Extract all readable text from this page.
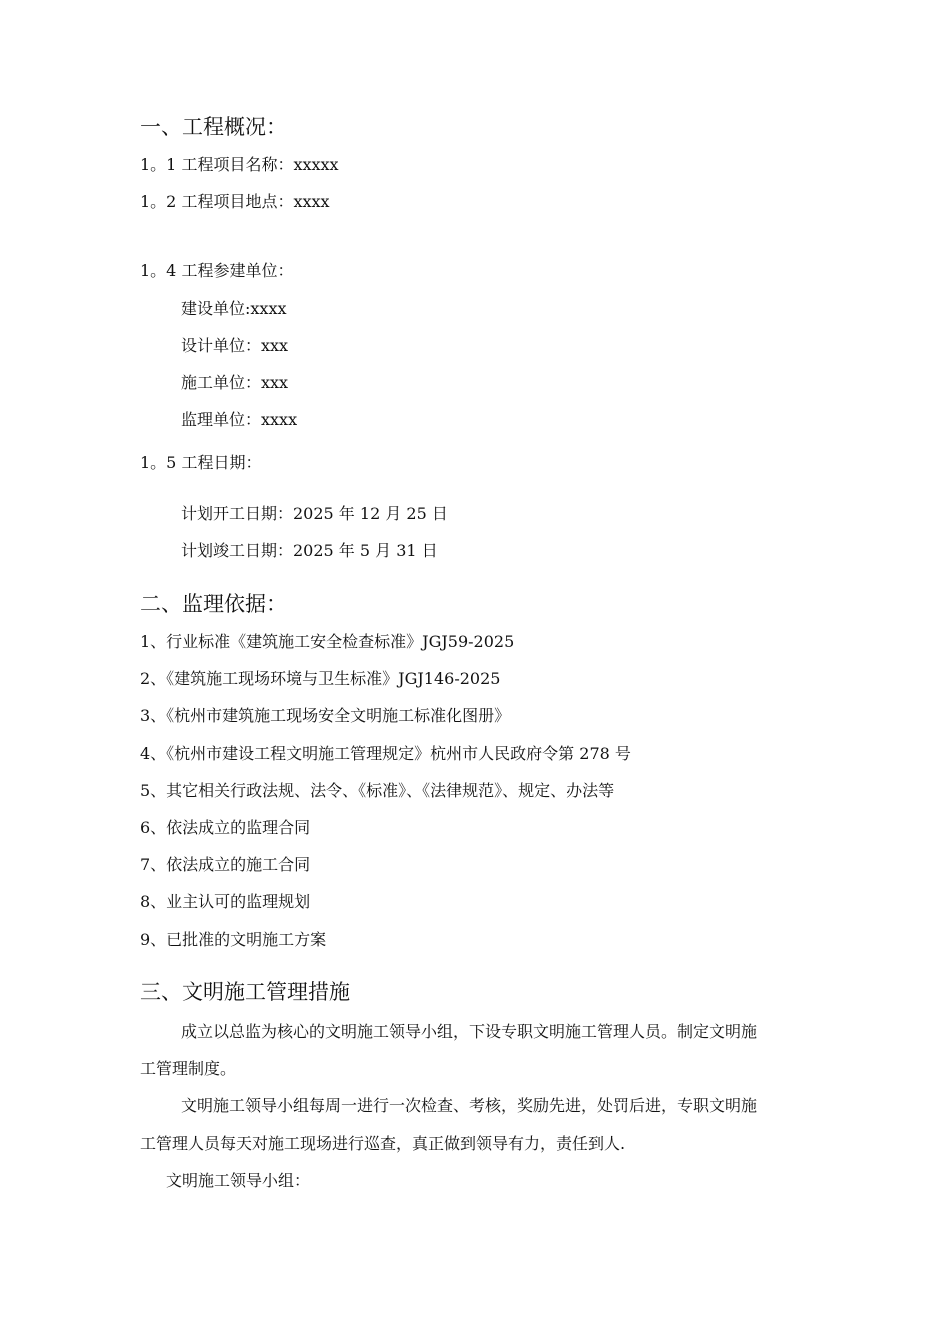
一、工程概况：
1。1 工程项目名称：xxxxx
1。2 工程项目地点：xxxx
1。4 工程参建单位：
建设单位:xxxx
设计单位：xxx
施工单位：xxx
监理单位：xxxx
1。5 工程日期：
计划开工日期：2025 年 12 月 25 日
计划竣工日期：2025 年 5 月 31 日
二、监理依据：
1、行业标准《建筑施工安全检查标准》JGJ59-2025
2、《建筑施工现场环境与卫生标准》JGJ146-2025
3、《杭州市建筑施工现场安全文明施工标准化图册》
4、《杭州市建设工程文明施工管理规定》杭州市人民政府令第 278 号
5、其它相关行政法规、法令、《标准》、《法律规范》、规定、办法等
6、依法成立的监理合同
7、依法成立的施工合同
8、业主认可的监理规划
9、已批准的文明施工方案
三、文明施工管理措施
成立以总监为核心的文明施工领导小组，下设专职文明施工管理人员。制定文明施
工管理制度。
文明施工领导小组每周一进行一次检查、考核，奖励先进，处罚后进，专职文明施
工管理人员每天对施工现场进行巡查，真正做到领导有力，责任到人.
文明施工领导小组：
